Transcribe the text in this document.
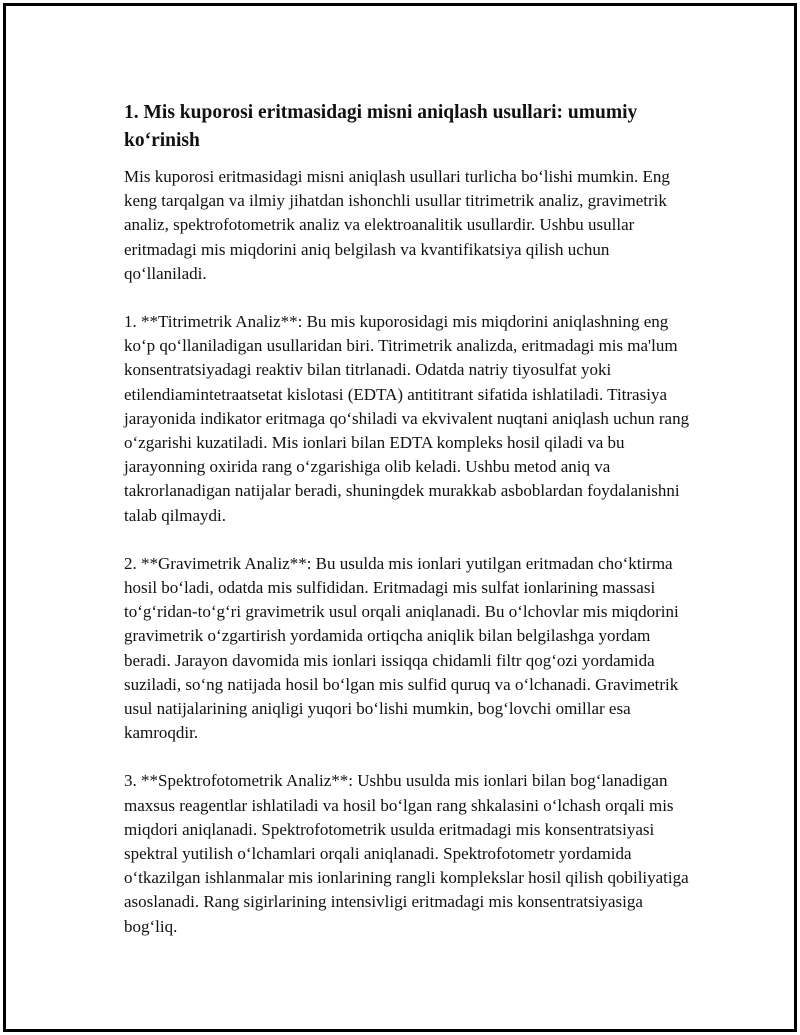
1. Mis kuporosi eritmasidagi misni aniqlash usullari: umumiy ko‘rinish

Mis kuporosi eritmasidagi misni aniqlash usullari turlicha bo‘lishi mumkin. Eng keng tarqalgan va ilmiy jihatdan ishonchli usullar titrimetrik analiz, gravimetrik analiz, spektrofotometrik analiz va elektroanalitik usullardir. Ushbu usullar eritmadagi mis miqdorini aniq belgilash va kvantifikatsiya qilish uchun qo‘llaniladi.

1. **Titrimetrik Analiz**: Bu mis kuporosidagi mis miqdorini aniqlashning eng ko‘p qo‘llaniladigan usullaridan biri. Titrimetrik analizda, eritmadagi mis ma'lum konsentratsiyadagi reaktiv bilan titrlanadi. Odatda natriy tiyosulfat yoki etilendiamintetraatsetat kislotasi (EDTA) antititrant sifatida ishlatiladi. Titrasiya jarayonida indikator eritmaga qo‘shiladi va ekvivalent nuqtani aniqlash uchun rang o‘zgarishi kuzatiladi. Mis ionlari bilan EDTA kompleks hosil qiladi va bu jarayonning oxirida rang o‘zgarishiga olib keladi. Ushbu metod aniq va takrorlanadigan natijalar beradi, shuningdek murakkab asboblardan foydalanishni talab qilmaydi.

2. **Gravimetrik Analiz**: Bu usulda mis ionlari yutilgan eritmadan cho‘ktirma hosil bo‘ladi, odatda mis sulfididan. Eritmadagi mis sulfat ionlarining massasi to‘g‘ridan-to‘g‘ri gravimetrik usul orqali aniqlanadi. Bu o‘lchovlar mis miqdorini gravimetrik o‘zgartirish yordamida ortiqcha aniqlik bilan belgilashga yordam beradi. Jarayon davomida mis ionlari issiqqa chidamli filtr qog‘ozi yordamida suziladi, so‘ng natijada hosil bo‘lgan mis sulfid quruq va o‘lchanadi. Gravimetrik usul natijalarining aniqligi yuqori bo‘lishi mumkin, bog‘lovchi omillar esa kamroqdir.

3. **Spektrofotometrik Analiz**: Ushbu usulda mis ionlari bilan bog‘lanadigan maxsus reagentlar ishlatiladi va hosil bo‘lgan rang shkalasini o‘lchash orqali mis miqdori aniqlanadi. Spektrofotometrik usulda eritmadagi mis konsentratsiyasi spektral yutilish o‘lchamlari orqali aniqlanadi. Spektrofotometr yordamida o‘tkazilgan ishlanmalar mis ionlarining rangli komplekslar hosil qilish qobiliyatiga asoslanadi. Rang sigirlarining intensivligi eritmadagi mis konsentratsiyasiga bog‘liq.
